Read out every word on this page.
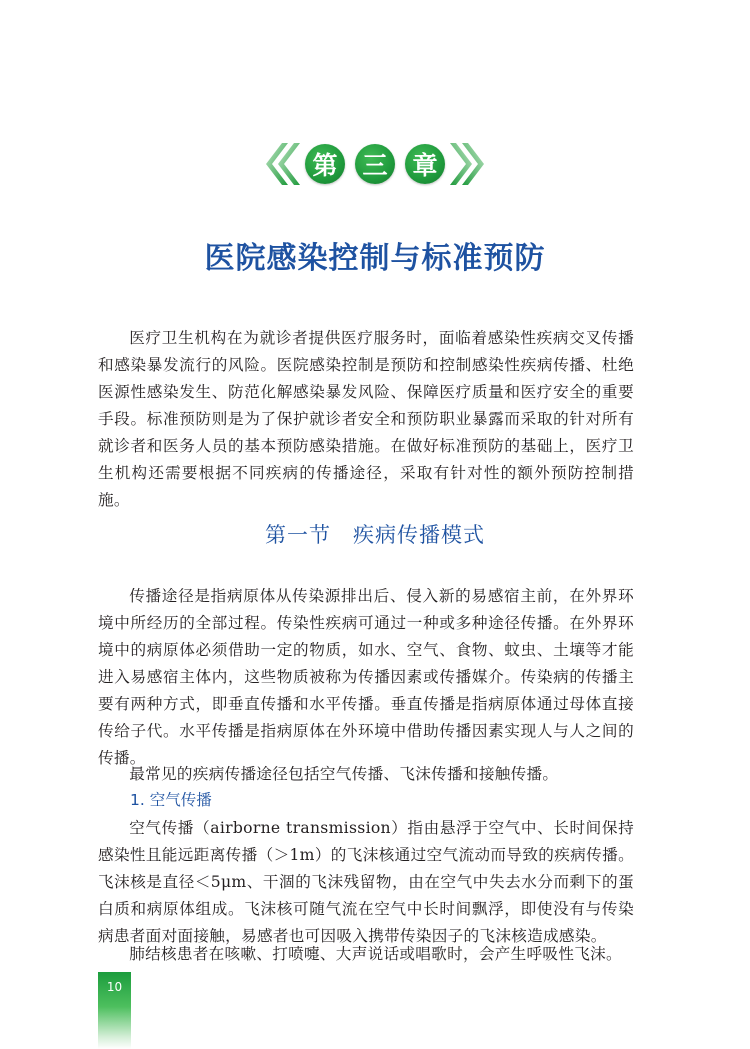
第 三 章
医院感染控制与标准预防

医疗卫生机构在为就诊者提供医疗服务时，面临着感染性疾病交叉传播和感染暴发流行的风险。医院感染控制是预防和控制感染性疾病传播、杜绝医源性感染发生、防范化解感染暴发风险、保障医疗质量和医疗安全的重要手段。标准预防则是为了保护就诊者安全和预防职业暴露而采取的针对所有就诊者和医务人员的基本预防感染措施。在做好标准预防的基础上，医疗卫生机构还需要根据不同疾病的传播途径，采取有针对性的额外预防控制措施。

第一节　疾病传播模式

传播途径是指病原体从传染源排出后、侵入新的易感宿主前，在外界环境中所经历的全部过程。传染性疾病可通过一种或多种途径传播。在外界环境中的病原体必须借助一定的物质，如水、空气、食物、蚊虫、土壤等才能进入易感宿主体内，这些物质被称为传播因素或传播媒介。传染病的传播主要有两种方式，即垂直传播和水平传播。垂直传播是指病原体通过母体直接传给子代。水平传播是指病原体在外环境中借助传播因素实现人与人之间的传播。

最常见的疾病传播途径包括空气传播、飞沫传播和接触传播。

1. 空气传播

空气传播（airborne transmission）指由悬浮于空气中、长时间保持感染性且能远距离传播（＞1m）的飞沫核通过空气流动而导致的疾病传播。飞沫核是直径＜5μm、干涸的飞沫残留物，由在空气中失去水分而剩下的蛋白质和病原体组成。飞沫核可随气流在空气中长时间飘浮，即使没有与传染病患者面对面接触，易感者也可因吸入携带传染因子的飞沫核造成感染。

肺结核患者在咳嗽、打喷嚏、大声说话或唱歌时，会产生呼吸性飞沫。

10
